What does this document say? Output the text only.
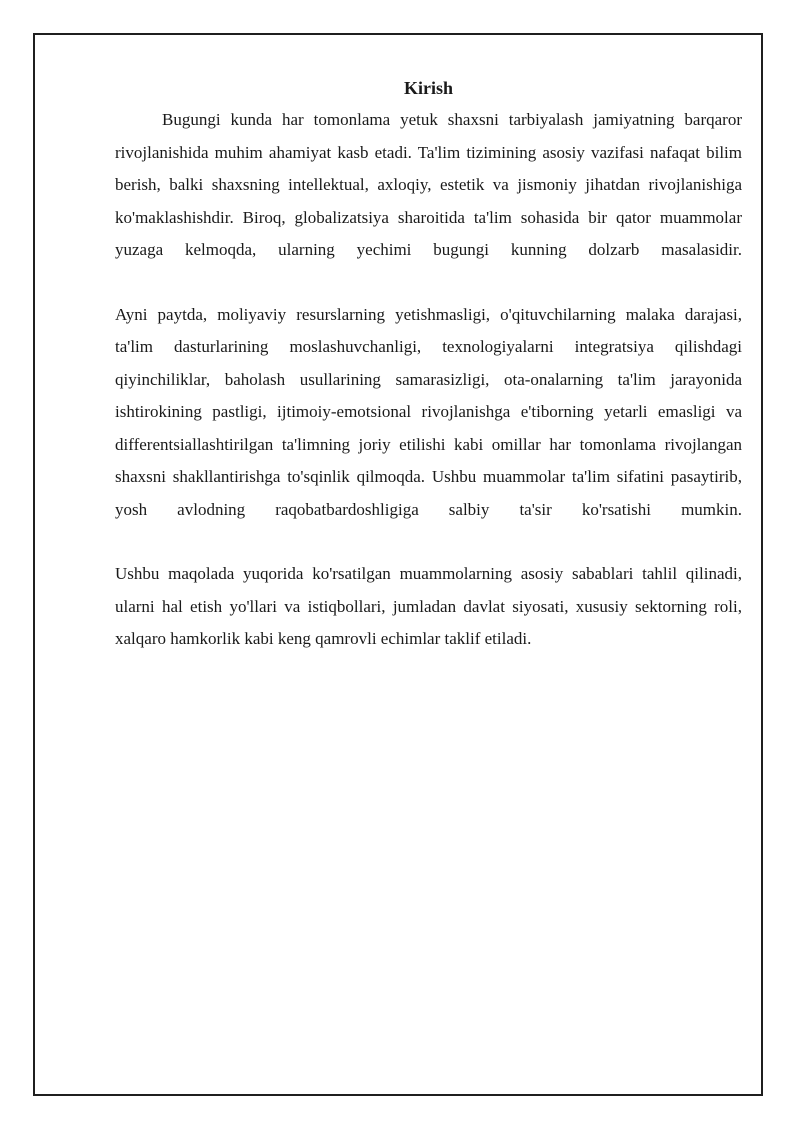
Kirish

Bugungi kunda har tomonlama yetuk shaxsni tarbiyalash jamiyatning barqaror rivojlanishida muhim ahamiyat kasb etadi. Ta'lim tizimining asosiy vazifasi nafaqat bilim berish, balki shaxsning intellektual, axloqiy, estetik va jismoniy jihatdan rivojlanishiga ko'maklashishdir. Biroq, globalizatsiya sharoitida ta'lim sohasida bir qator muammolar yuzaga kelmoqda, ularning yechimi bugungi kunning dolzarb masalasidir.

Ayni paytda, moliyaviy resurslarning yetishmasligi, o'qituvchilarning malaka darajasi, ta'lim dasturlarining moslashuvchanligi, texnologiyalarni integratsiya qilishdagi qiyinchiliklar, baholash usullarining samarasizligi, ota-onalarning ta'lim jarayonida ishtirokining pastligi, ijtimoiy-emotsional rivojlanishga e'tiborning yetarli emasligi va differentsiallashtirilgan ta'limning joriy etilishi kabi omillar har tomonlama rivojlangan shaxsni shakllantirishga to'sqinlik qilmoqda. Ushbu muammolar ta'lim sifatini pasaytirib, yosh avlodning raqobatbardoshligiga salbiy ta'sir ko'rsatishi mumkin.

Ushbu maqolada yuqorida ko'rsatilgan muammolarning asosiy sabablari tahlil qilinadi, ularni hal etish yo'llari va istiqbollari, jumladan davlat siyosati, xususiy sektorning roli, xalqaro hamkorlik kabi keng qamrovli echimlar taklif etiladi.
